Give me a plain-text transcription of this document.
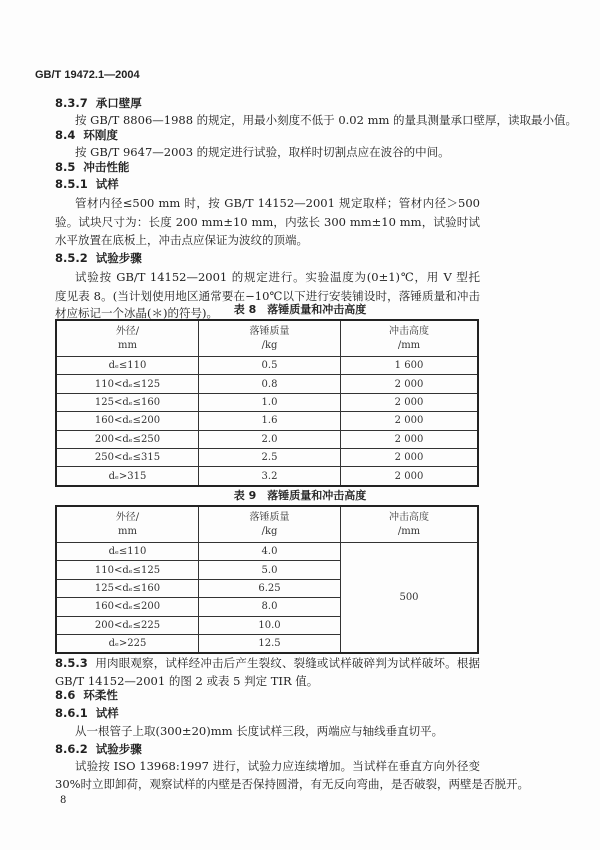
GB/T 19472.1—2004
8.3.7 承口壁厚
按 GB/T 8806—1988 的规定，用最小刻度不低于 0.02 mm 的量具测量承口壁厚，读取最小值。
8.4 环刚度
按 GB/T 9647—2003 的规定进行试验，取样时切割点应在波谷的中间。
8.5 冲击性能
8.5.1 试样
管材内径≤500 mm 时，按 GB/T 14152—2001 规定取样；管材内径＞500
验。试块尺寸为：长度 200 mm±10 mm，内弦长 300 mm±10 mm，试验时试
水平放置在底板上，冲击点应保证为波纹的顶端。
8.5.2 试验步骤
试验按 GB/T 14152—2001 的规定进行。实验温度为(0±1)℃，用 V 型托
度见表 8。(当计划使用地区通常要在−10℃以下进行安装铺设时，落锤质量和冲击
材应标记一个冰晶(＊)的符号)。	表 8　落锤质量和冲击高度
外径/
mm	落锤质量
/kg	冲击高度
/mm
dₑ≤110	0.5	1 600
110<dₑ≤125	0.8	2 000
125<dₑ≤160	1.0	2 000
160<dₑ≤200	1.6	2 000
200<dₑ≤250	2.0	2 000
250<dₑ≤315	2.5	2 000
dₑ>315	3.2	2 000
表 9　落锤质量和冲击高度
外径/
mm	落锤质量
/kg	冲击高度
/mm
dₑ≤110	4.0	500
110<dₑ≤125	5.0	
125<dₑ≤160	6.25	
160<dₑ≤200	8.0	
200<dₑ≤225	10.0	
dₑ>225	12.5	
8.5.3 用肉眼观察，试样经冲击后产生裂纹、裂缝或试样破碎判为试样破坏。根据
GB/T 14152—2001 的图 2 或表 5 判定 TIR 值。
8.6 环柔性
8.6.1 试样
从一根管子上取(300±20)mm 长度试样三段，两端应与轴线垂直切平。
8.6.2 试验步骤
试验按 ISO 13968:1997 进行，试验力应连续增加。当试样在垂直方向外径变
30%时立即卸荷，观察试样的内壁是否保持圆滑，有无反向弯曲，是否破裂，两壁是否脱开。
8
